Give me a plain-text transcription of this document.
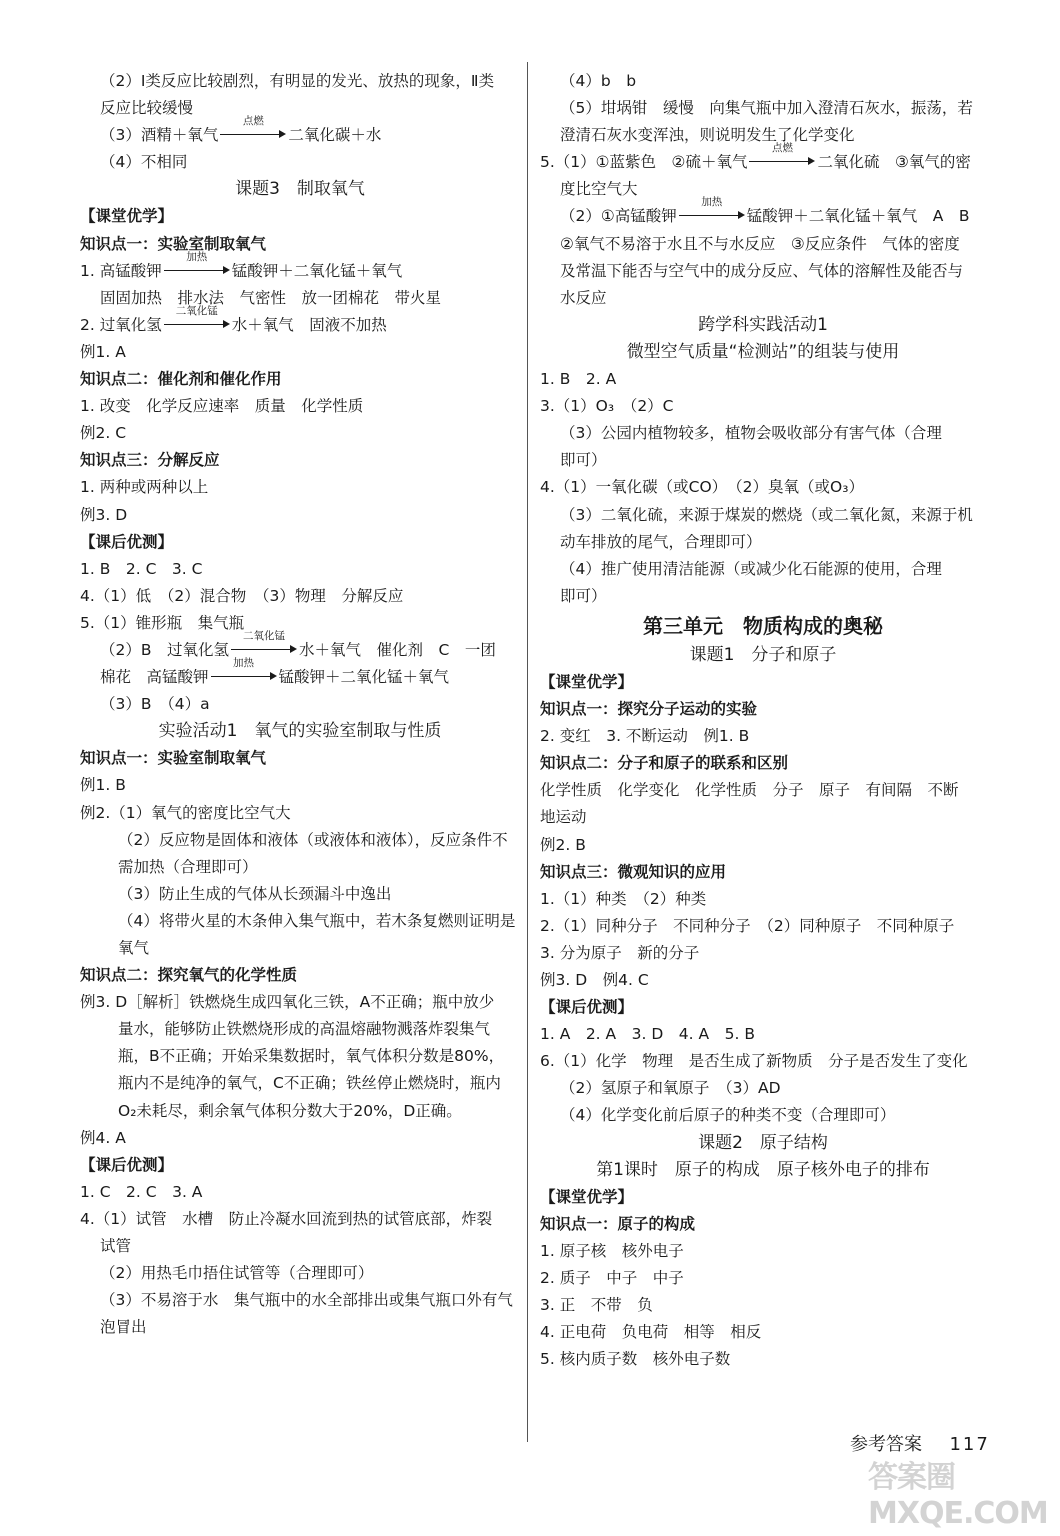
（2）Ⅰ类反应比较剧烈，有明显的发光、放热的现象，Ⅱ类
反应比较缓慢
（3）酒精＋氧气
点燃
二氧化碳＋水
（4）不相同
课题3　制取氧气
【课堂优学】
知识点一：实验室制取氧气
1. 高锰酸钾
加热
锰酸钾＋二氧化锰＋氧气
固固加热　排水法　气密性　放一团棉花　带火星
2. 过氧化氢
二氧化锰
水＋氧气　固液不加热
例1. A
知识点二：催化剂和催化作用
1. 改变　化学反应速率　质量　化学性质
例2. C
知识点三：分解反应
1. 两种或两种以上
例3. D
【课后优测】
1. B　2. C　3. C
4.（1）低　（2）混合物　（3）物理　分解反应
5.（1）锥形瓶　集气瓶
（2）B　过氧化氢
二氧化锰
水＋氧气　催化剂　C　一团
棉花　高锰酸钾
加热
锰酸钾＋二氧化锰＋氧气
（3）B　（4）a
实验活动1　氧气的实验室制取与性质
知识点一：实验室制取氧气
例1. B
例2.（1）氧气的密度比空气大
（2）反应物是固体和液体（或液体和液体），反应条件不
需加热（合理即可）
（3）防止生成的气体从长颈漏斗中逸出
（4）将带火星的木条伸入集气瓶中，若木条复燃则证明是
氧气
知识点二：探究氧气的化学性质
例3. D［解析］铁燃烧生成四氧化三铁，A不正确；瓶中放少
量水，能够防止铁燃烧形成的高温熔融物溅落炸裂集气
瓶，B不正确；开始采集数据时，氧气体积分数是80%，
瓶内不是纯净的氧气，C不正确；铁丝停止燃烧时，瓶内
O₂未耗尽，剩余氧气体积分数大于20%，D正确。
例4. A
【课后优测】
1. C　2. C　3. A
4.（1）试管　水槽　防止冷凝水回流到热的试管底部，炸裂
试管
（2）用热毛巾捂住试管等（合理即可）
（3）不易溶于水　集气瓶中的水全部排出或集气瓶口外有气
泡冒出
（4）b　b
（5）坩埚钳　缓慢　向集气瓶中加入澄清石灰水，振荡，若
澄清石灰水变浑浊，则说明发生了化学变化
5.（1）①蓝紫色　②硫＋氧气
点燃
二氧化硫　③氧气的密
度比空气大
（2）①高锰酸钾
加热
锰酸钾＋二氧化锰＋氧气　A　B
②氧气不易溶于水且不与水反应　③反应条件　气体的密度
及常温下能否与空气中的成分反应、气体的溶解性及能否与
水反应
跨学科实践活动1
微型空气质量“检测站”的组装与使用
1. B　2. A
3.（1）O₃　（2）C
（3）公园内植物较多，植物会吸收部分有害气体（合理
即可）
4.（1）一氧化碳（或CO）　（2）臭氧（或O₃）
（3）二氧化硫，来源于煤炭的燃烧（或二氧化氮，来源于机
动车排放的尾气，合理即可）
（4）推广使用清洁能源（或减少化石能源的使用，合理
即可）
第三单元　物质构成的奥秘
课题1　分子和原子
【课堂优学】
知识点一：探究分子运动的实验
2. 变红　3. 不断运动　例1. B
知识点二：分子和原子的联系和区别
化学性质　化学变化　化学性质　分子　原子　有间隔　不断
地运动
例2. B
知识点三：微观知识的应用
1.（1）种类　（2）种类
2.（1）同种分子　不同种分子　（2）同种原子　不同种原子
3. 分为原子　新的分子
例3. D　例4. C
【课后优测】
1. A　2. A　3. D　4. A　5. B
6.（1）化学　物理　是否生成了新物质　分子是否发生了变化
（2）氢原子和氧原子　（3）AD
（4）化学变化前后原子的种类不变（合理即可）
课题2　原子结构
第1课时　原子的构成　原子核外电子的排布
【课堂优学】
知识点一：原子的构成
1. 原子核　核外电子
2. 质子　中子　中子
3. 正　不带　负
4. 正电荷　负电荷　相等　相反
5. 核内质子数　核外电子数
参考答案 117
答案圈 MXQE.COM
